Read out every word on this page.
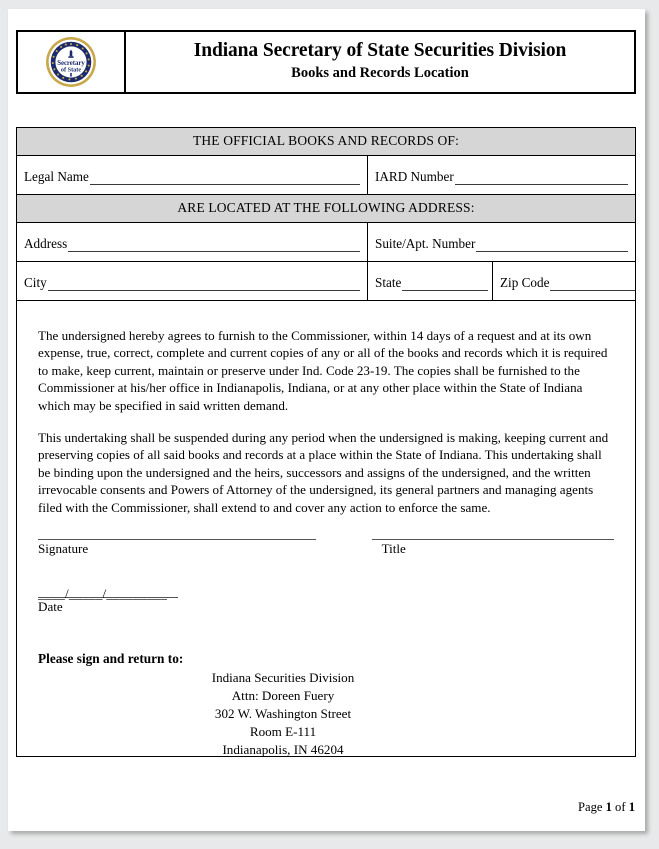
Secretary
of State
Indiana Secretary of State Securities Division
Books and Records Location
THE OFFICIAL BOOKS AND RECORDS OF:
Legal Name	IARD Number
ARE LOCATED AT THE FOLLOWING ADDRESS:
Address	Suite/Apt. Number
City	State	Zip Code

The undersigned hereby agrees to furnish to the Commissioner, within 14 days of a request and at its own expense, true, correct, complete and current copies of any or all of the books and records which it is required to make, keep current, maintain or preserve under Ind. Code 23-19. The copies shall be furnished to the Commissioner at his/her office in Indianapolis, Indiana, or at any other place within the State of Indiana which may be specified in said written demand.

This undertaking shall be suspended during any period when the undersigned is making, keeping current and preserving copies of all said books and records at a place within the State of Indiana. This undertaking shall be binding upon the undersigned and the heirs, successors and assigns of the undersigned, and the written irrevocable consents and Powers of Attorney of the undersigned, its general partners and managing agents filed with the Commissioner, shall extend to and cover any action to enforce the same.

Signature	Title
____/_____/_________
Date
Please sign and return to:
Indiana Securities Division
Attn: Doreen Fuery
302 W. Washington Street
Room E-111
Indianapolis, IN 46204
Page 1 of 1
